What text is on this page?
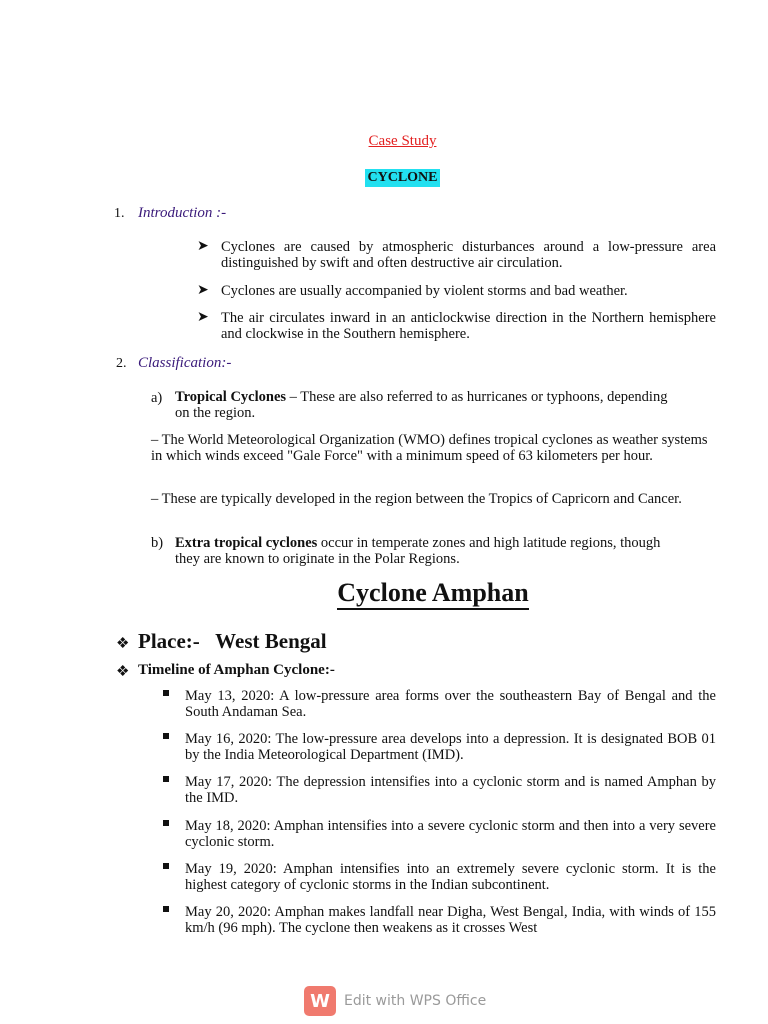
Case Study
CYCLONE
1. Introduction :-
➤ Cyclones are caused by atmospheric disturbances around a low-pressure area distinguished by swift and often destructive air circulation.
➤ Cyclones are usually accompanied by violent storms and bad weather.
➤ The air circulates inward in an anticlockwise direction in the Northern hemisphere and clockwise in the Southern hemisphere.
2. Classification:-
a) Tropical Cyclones – These are also referred to as hurricanes or typhoons, depending on the region.
– The World Meteorological Organization (WMO) defines tropical cyclones as weather systems in which winds exceed "Gale Force" with a minimum speed of 63 kilometers per hour.
– These are typically developed in the region between the Tropics of Capricorn and Cancer.
b) Extra tropical cyclones occur in temperate zones and high latitude regions, though they are known to originate in the Polar Regions.
Cyclone Amphan
❖ Place:-   West Bengal
❖ Timeline of Amphan Cyclone:-
May 13, 2020: A low-pressure area forms over the southeastern Bay of Bengal and the South Andaman Sea.
May 16, 2020: The low-pressure area develops into a depression. It is designated BOB 01 by the India Meteorological Department (IMD).
May 17, 2020: The depression intensifies into a cyclonic storm and is named Amphan by the IMD.
May 18, 2020: Amphan intensifies into a severe cyclonic storm and then into a very severe cyclonic storm.
May 19, 2020: Amphan intensifies into an extremely severe cyclonic storm. It is the highest category of cyclonic storms in the Indian subcontinent.
May 20, 2020: Amphan makes landfall near Digha, West Bengal, India, with winds of 155 km/h (96 mph). The cyclone then weakens as it crosses West
W	Edit with WPS Office
